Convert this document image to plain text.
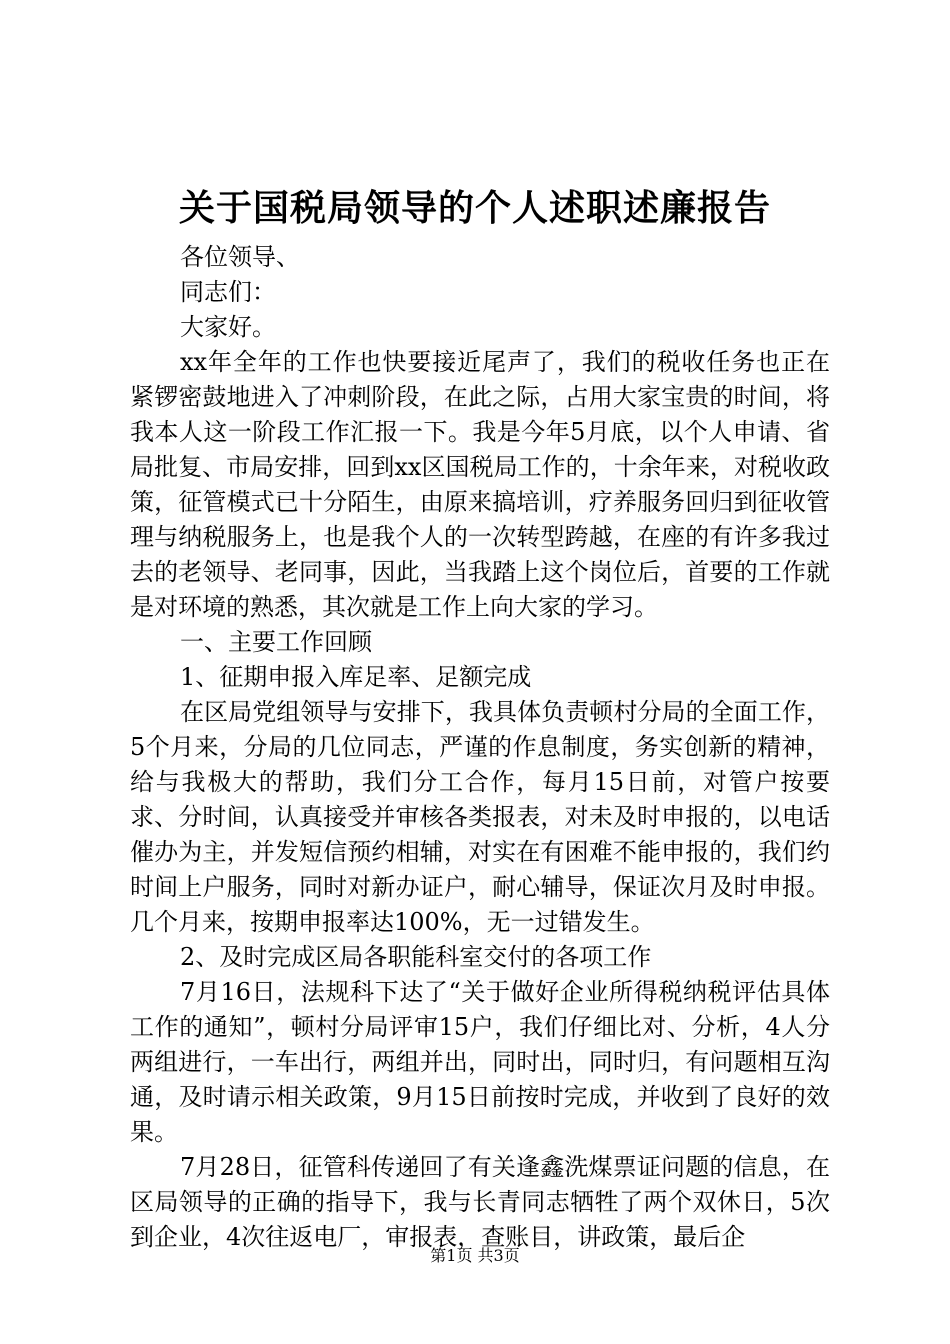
关于国税局领导的个人述职述廉报告

各位领导、

同志们：

大家好。

xx年全年的工作也快要接近尾声了，我们的税收任务也正在紧锣密鼓地进入了冲刺阶段，在此之际，占用大家宝贵的时间，将我本人这一阶段工作汇报一下。我是今年5月底，以个人申请、省局批复、市局安排，回到xx区国税局工作的，十余年来，对税收政策，征管模式已十分陌生，由原来搞培训，疗养服务回归到征收管理与纳税服务上，也是我个人的一次转型跨越，在座的有许多我过去的老领导、老同事，因此，当我踏上这个岗位后，首要的工作就是对环境的熟悉，其次就是工作上向大家的学习。

一、主要工作回顾

1、征期申报入库足率、足额完成

在区局党组领导与安排下，我具体负责顿村分局的全面工作，5个月来，分局的几位同志，严谨的作息制度，务实创新的精神，给与我极大的帮助，我们分工合作，每月15日前，对管户按要求、分时间，认真接受并审核各类报表，对未及时申报的，以电话催办为主，并发短信预约相辅，对实在有困难不能申报的，我们约时间上户服务，同时对新办证户，耐心辅导，保证次月及时申报。几个月来，按期申报率达100%，无一过错发生。

2、及时完成区局各职能科室交付的各项工作

7月16日，法规科下达了“关于做好企业所得税纳税评估具体工作的通知”，顿村分局评审15户，我们仔细比对、分析，4人分两组进行，一车出行，两组并出，同时出，同时归，有问题相互沟通，及时请示相关政策，9月15日前按时完成，并收到了良好的效果。

7月28日，征管科传递回了有关逢鑫洗煤票证问题的信息，在区局领导的正确的指导下，我与长青同志牺牲了两个双休日，5次到企业，4次往返电厂，审报表，查账目，讲政策，最后企

第1页 共3页
